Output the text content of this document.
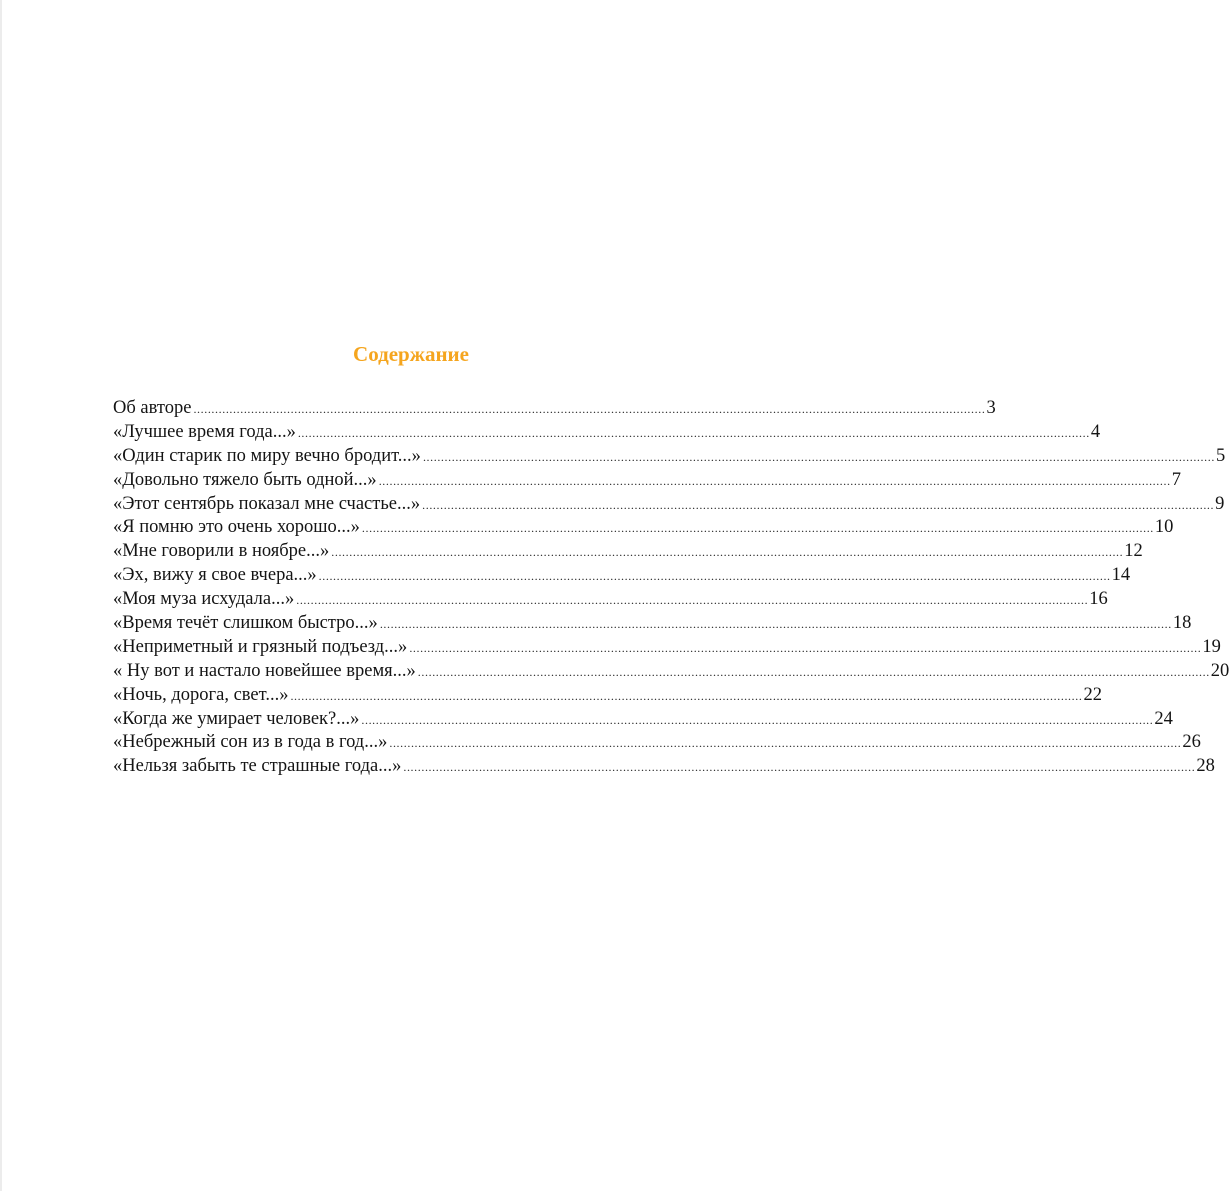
Содержание
Об авторе ............................................................................................................................................................................................................................ 3
«Лучшее время года...» ............................................................................................................................................................................................................................ 4
«Один старик по миру вечно бродит...» ............................................................................................................................................................................................................................ 5
«Довольно тяжело быть одной...» ............................................................................................................................................................................................................................ 7
«Этот сентябрь показал мне счастье...» ............................................................................................................................................................................................................................ 9
«Я помню это очень хорошо...» ............................................................................................................................................................................................................................ 10
«Мне говорили в ноябре...» ............................................................................................................................................................................................................................ 12
«Эх, вижу я свое вчера...» ............................................................................................................................................................................................................................ 14
«Моя муза исхудала...» ............................................................................................................................................................................................................................ 16
«Время течёт слишком быстро...» ............................................................................................................................................................................................................................ 18
«Неприметный и грязный подъезд...» ............................................................................................................................................................................................................................ 19
« Ну вот и настало новейшее время...» ............................................................................................................................................................................................................................ 20
«Ночь, дорога, свет...» ............................................................................................................................................................................................................................ 22
«Когда же умирает человек?...» ............................................................................................................................................................................................................................ 24
«Небрежный сон из в года в год...» ............................................................................................................................................................................................................................ 26
«Нельзя забыть те страшные года...» ............................................................................................................................................................................................................................ 28
